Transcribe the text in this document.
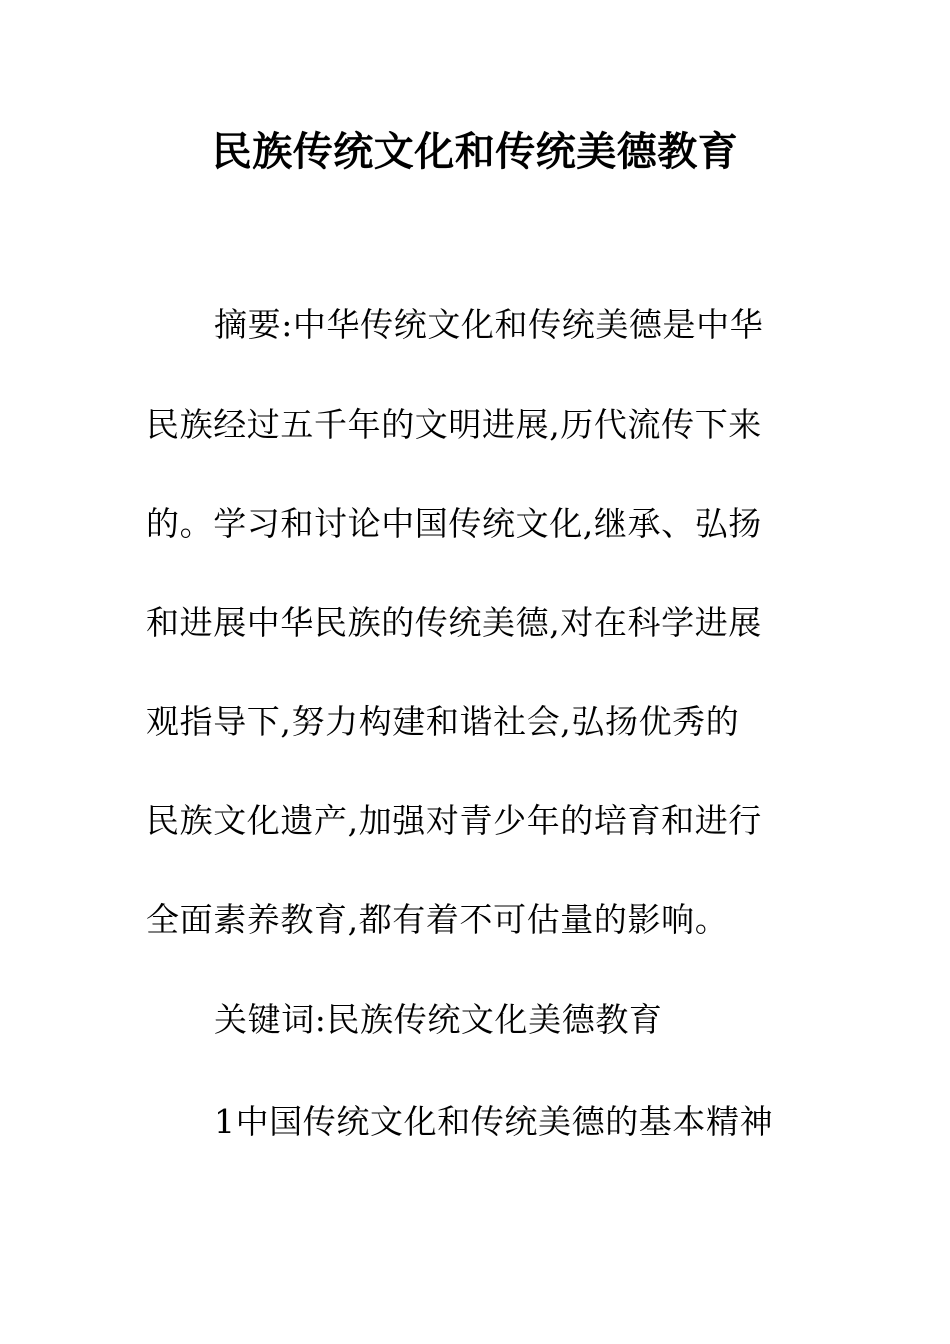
民族传统文化和传统美德教育
摘要:中华传统文化和传统美德是中华
民族经过五千年的文明进展,历代流传下来
的。学习和讨论中国传统文化,继承、弘扬
和进展中华民族的传统美德,对在科学进展
观指导下,努力构建和谐社会,弘扬优秀的
民族文化遗产,加强对青少年的培育和进行
全面素养教育,都有着不可估量的影响。
关键词:民族传统文化美德教育
1中国传统文化和传统美德的基本精神
